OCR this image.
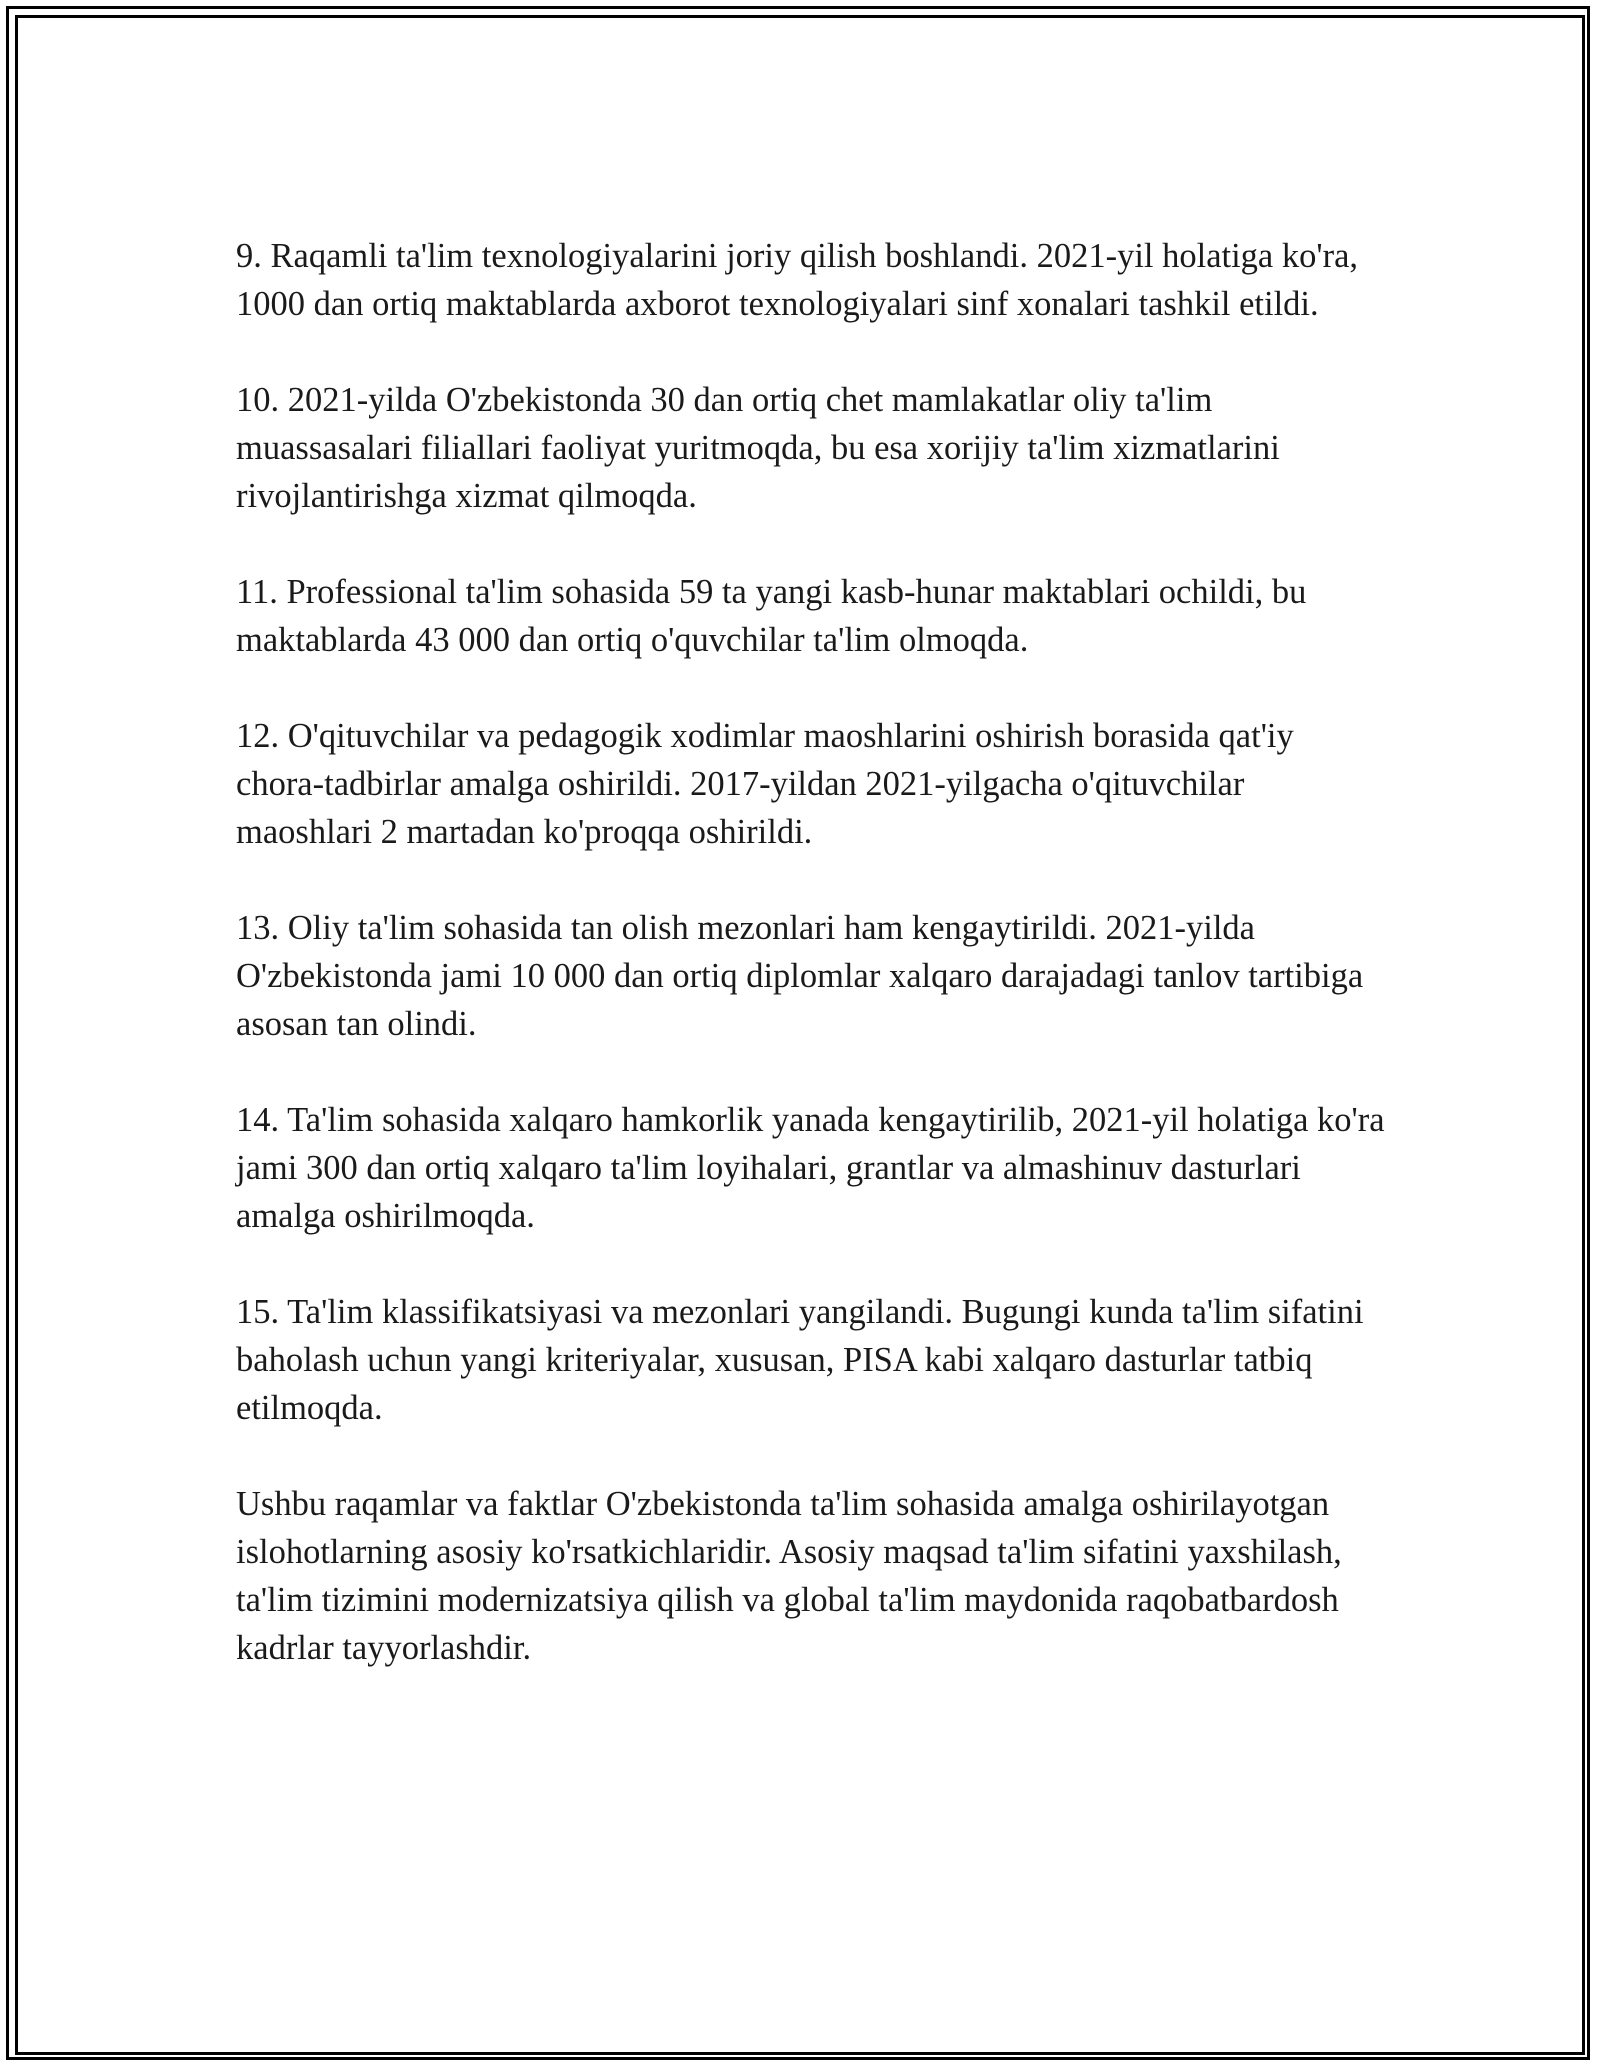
9. Raqamli ta'lim texnologiyalarini joriy qilish boshlandi. 2021-yil holatiga ko'ra, 1000 dan ortiq maktablarda axborot texnologiyalari sinf xonalari tashkil etildi.

10. 2021-yilda O'zbekistonda 30 dan ortiq chet mamlakatlar oliy ta'lim muassasalari filiallari faoliyat yuritmoqda, bu esa xorijiy ta'lim xizmatlarini rivojlantirishga xizmat qilmoqda.

11. Professional ta'lim sohasida 59 ta yangi kasb-hunar maktablari ochildi, bu maktablarda 43 000 dan ortiq o'quvchilar ta'lim olmoqda.

12. O'qituvchilar va pedagogik xodimlar maoshlarini oshirish borasida qat'iy chora-tadbirlar amalga oshirildi. 2017-yildan 2021-yilgacha o'qituvchilar maoshlari 2 martadan ko'proqqa oshirildi.

13. Oliy ta'lim sohasida tan olish mezonlari ham kengaytirildi. 2021-yilda O'zbekistonda jami 10 000 dan ortiq diplomlar xalqaro darajadagi tanlov tartibiga asosan tan olindi.

14. Ta'lim sohasida xalqaro hamkorlik yanada kengaytirilib, 2021-yil holatiga ko'ra jami 300 dan ortiq xalqaro ta'lim loyihalari, grantlar va almashinuv dasturlari amalga oshirilmoqda.

15. Ta'lim klassifikatsiyasi va mezonlari yangilandi. Bugungi kunda ta'lim sifatini baholash uchun yangi kriteriyalar, xususan, PISA kabi xalqaro dasturlar tatbiq etilmoqda.

Ushbu raqamlar va faktlar O'zbekistonda ta'lim sohasida amalga oshirilayotgan islohotlarning asosiy ko'rsatkichlaridir. Asosiy maqsad ta'lim sifatini yaxshilash, ta'lim tizimini modernizatsiya qilish va global ta'lim maydonida raqobatbardosh kadrlar tayyorlashdir.
